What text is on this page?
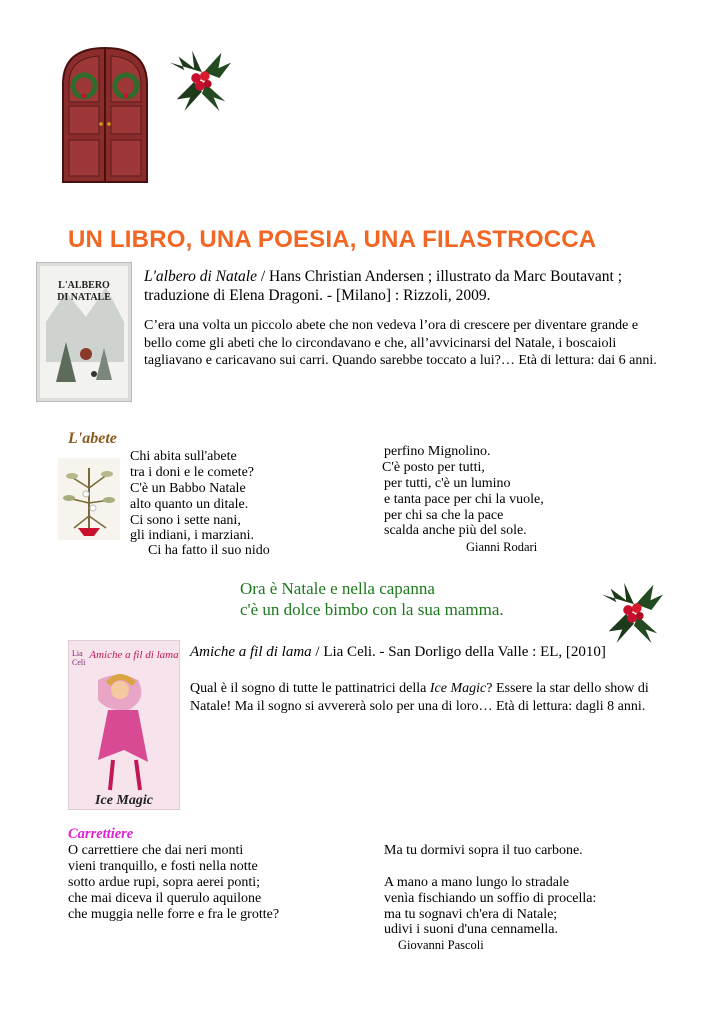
UN LIBRO, UNA POESIA, UNA FILASTROCCA
L'ALBERO
DI NATALE
L'albero di Natale / Hans Christian Andersen ; illustrato da Marc Boutavant ; traduzione di Elena Dragoni. - [Milano] : Rizzoli, 2009.
C’era una volta un piccolo abete che non vedeva l’ora di crescere per diventare grande e bello come gli abeti che lo circondavano e che, all’avvicinarsi del Natale, i boscaioli tagliavano e caricavano sui carri. Quando sarebbe toccato a lui?… Età di lettura: dai 6 anni.
L'abete
Chi abita sull'abete
tra i doni e le comete?
C'è un Babbo Natale
alto quanto un ditale.
Ci sono i sette nani,
gli indiani, i marziani.
Ci ha fatto il suo nido
perfino Mignolino.
C'è posto per tutti,
per tutti, c'è un lumino
e tanta pace per chi la vuole,
per chi sa che la pace
scalda anche più del sole.
Gianni Rodari
Ora è Natale e nella capanna
c'è un dolce bimbo con la sua mamma.
Lia
Celi
Amiche a fil di lama
Ice Magic
Amiche a fil di lama / Lia Celi. - San Dorligo della Valle : EL, [2010]
Qual è il sogno di tutte le pattinatrici della Ice Magic? Essere la star dello show di Natale! Ma il sogno si avvererà solo per una di loro… Età di lettura: dagli 8 anni.
Carrettiere
O carrettiere che dai neri monti
vieni tranquillo, e fosti nella notte
sotto ardue rupi, sopra aerei ponti;
che mai diceva il querulo aquilone
che muggia nelle forre e fra le grotte?
Ma tu dormivi sopra il tuo carbone.
A mano a mano lungo lo stradale
venìa fischiando un soffio di procella:
ma tu sognavi ch'era di Natale;
udivi i suoni d'una cennamella.
Giovanni Pascoli
